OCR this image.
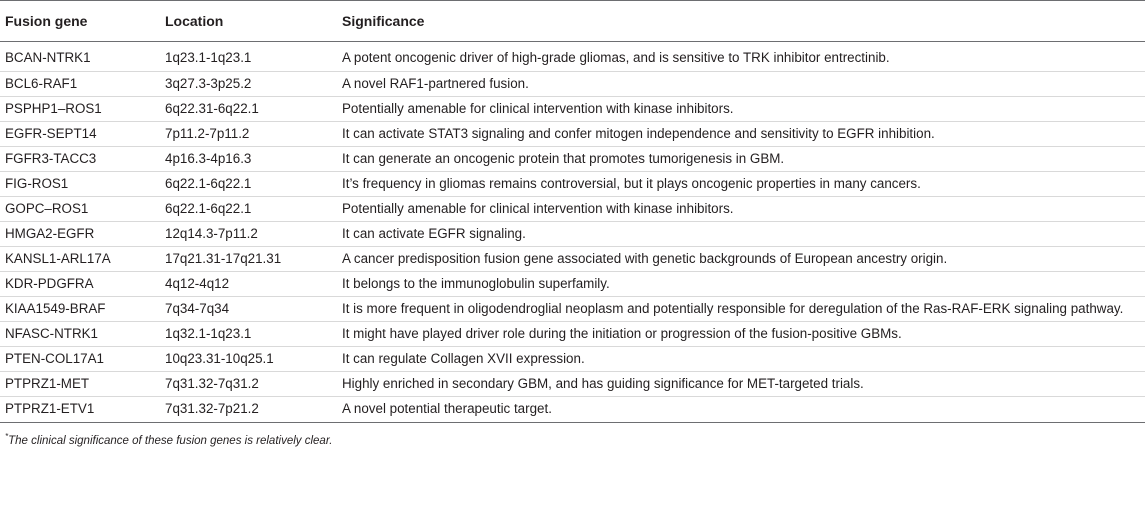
Fusion gene	Location	Significance
BCAN-NTRK1	1q23.1-1q23.1	A potent oncogenic driver of high-grade gliomas, and is sensitive to TRK inhibitor entrectinib.
BCL6-RAF1	3q27.3-3p25.2	A novel RAF1-partnered fusion.
PSPHP1–ROS1	6q22.31-6q22.1	Potentially amenable for clinical intervention with kinase inhibitors.
EGFR-SEPT14	7p11.2-7p11.2	It can activate STAT3 signaling and confer mitogen independence and sensitivity to EGFR inhibition.
FGFR3-TACC3	4p16.3-4p16.3	It can generate an oncogenic protein that promotes tumorigenesis in GBM.
FIG-ROS1	6q22.1-6q22.1	It’s frequency in gliomas remains controversial, but it plays oncogenic properties in many cancers.
GOPC–ROS1	6q22.1-6q22.1	Potentially amenable for clinical intervention with kinase inhibitors.
HMGA2-EGFR	12q14.3-7p11.2	It can activate EGFR signaling.
KANSL1-ARL17A	17q21.31-17q21.31	A cancer predisposition fusion gene associated with genetic backgrounds of European ancestry origin.
KDR-PDGFRA	4q12-4q12	It belongs to the immunoglobulin superfamily.
KIAA1549-BRAF	7q34-7q34	It is more frequent in oligodendroglial neoplasm and potentially responsible for deregulation of the Ras-RAF-ERK signaling pathway.
NFASC-NTRK1	1q32.1-1q23.1	It might have played driver role during the initiation or progression of the fusion-positive GBMs.
PTEN-COL17A1	10q23.31-10q25.1	It can regulate Collagen XVII expression.
PTPRZ1-MET	7q31.32-7q31.2	Highly enriched in secondary GBM, and has guiding significance for MET-targeted trials.
PTPRZ1-ETV1	7q31.32-7p21.2	A novel potential therapeutic target.
*The clinical significance of these fusion genes is relatively clear.
